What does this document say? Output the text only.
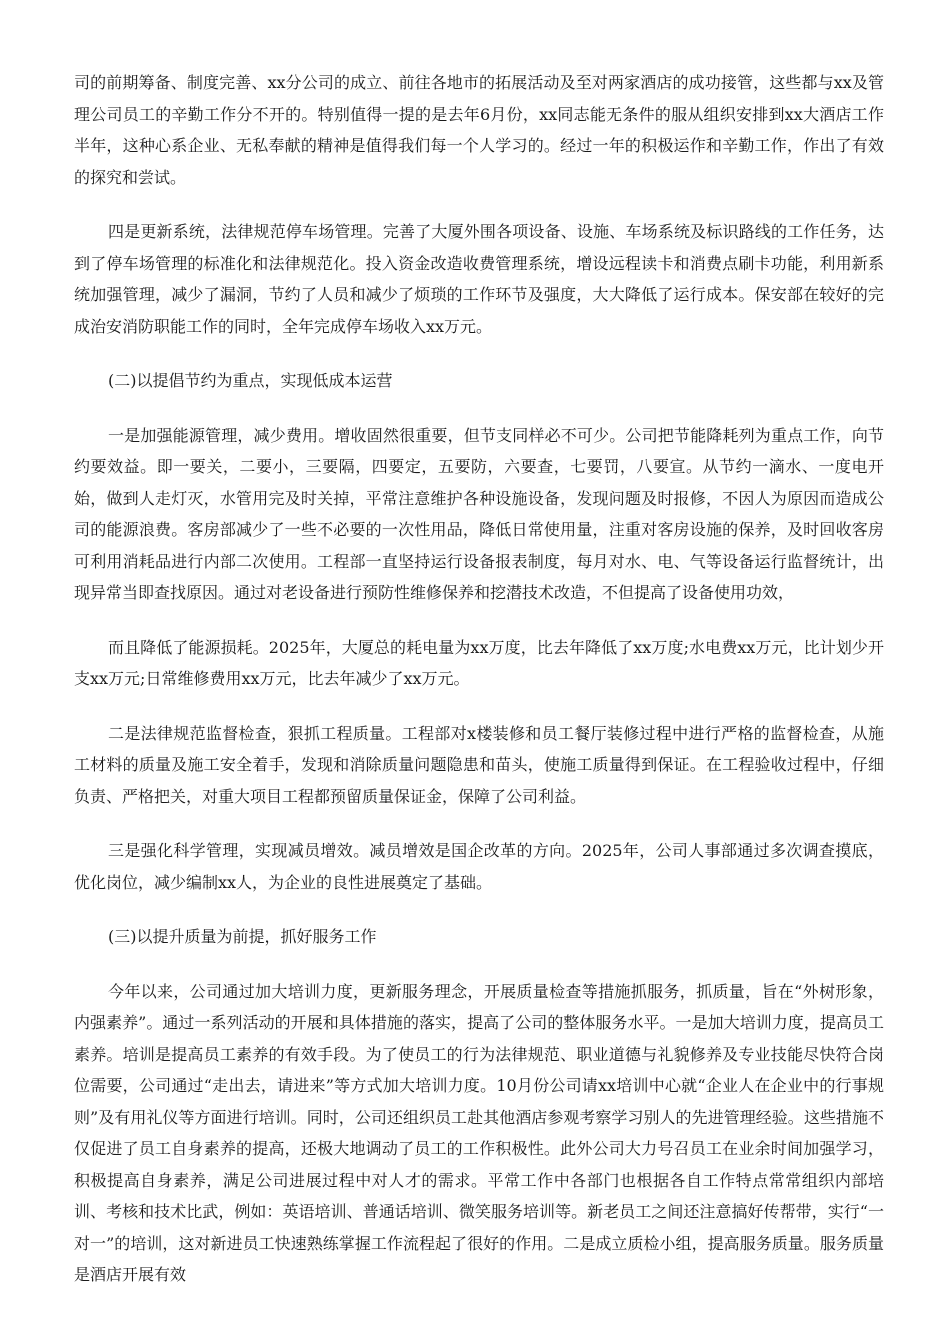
司的前期筹备、制度完善、xx分公司的成立、前往各地市的拓展活动及至对两家酒店的成功接管，这些都与xx及管理公司员工的辛勤工作分不开的。特别值得一提的是去年6月份，xx同志能无条件的服从组织安排到xx大酒店工作半年，这种心系企业、无私奉献的精神是值得我们每一个人学习的。经过一年的积极运作和辛勤工作，作出了有效的探究和尝试。

四是更新系统，法律规范停车场管理。完善了大厦外围各项设备、设施、车场系统及标识路线的工作任务，达到了停车场管理的标准化和法律规范化。投入资金改造收费管理系统，增设远程读卡和消费点刷卡功能，利用新系统加强管理，减少了漏洞，节约了人员和减少了烦琐的工作环节及强度，大大降低了运行成本。保安部在较好的完成治安消防职能工作的同时，全年完成停车场收入xx万元。

(二)以提倡节约为重点，实现低成本运营

一是加强能源管理，减少费用。增收固然很重要，但节支同样必不可少。公司把节能降耗列为重点工作，向节约要效益。即一要关，二要小，三要隔，四要定，五要防，六要查，七要罚，八要宣。从节约一滴水、一度电开始，做到人走灯灭，水管用完及时关掉，平常注意维护各种设施设备，发现问题及时报修，不因人为原因而造成公司的能源浪费。客房部减少了一些不必要的一次性用品，降低日常使用量，注重对客房设施的保养，及时回收客房可利用消耗品进行内部二次使用。工程部一直坚持运行设备报表制度，每月对水、电、气等设备运行监督统计，出现异常当即查找原因。通过对老设备进行预防性维修保养和挖潜技术改造，不但提高了设备使用功效，

而且降低了能源损耗。2025年，大厦总的耗电量为xx万度，比去年降低了xx万度;水电费xx万元，比计划少开支xx万元;日常维修费用xx万元，比去年减少了xx万元。

二是法律规范监督检查，狠抓工程质量。工程部对x楼装修和员工餐厅装修过程中进行严格的监督检查，从施工材料的质量及施工安全着手，发现和消除质量问题隐患和苗头，使施工质量得到保证。在工程验收过程中，仔细负责、严格把关，对重大项目工程都预留质量保证金，保障了公司利益。

三是强化科学管理，实现减员增效。减员增效是国企改革的方向。2025年，公司人事部通过多次调查摸底，优化岗位，减少编制xx人，为企业的良性进展奠定了基础。

(三)以提升质量为前提，抓好服务工作

今年以来，公司通过加大培训力度，更新服务理念，开展质量检查等措施抓服务，抓质量，旨在“外树形象，内强素养”。通过一系列活动的开展和具体措施的落实，提高了公司的整体服务水平。一是加大培训力度，提高员工素养。培训是提高员工素养的有效手段。为了使员工的行为法律规范、职业道德与礼貌修养及专业技能尽快符合岗位需要，公司通过“走出去，请进来”等方式加大培训力度。10月份公司请xx培训中心就“企业人在企业中的行事规则”及有用礼仪等方面进行培训。同时，公司还组织员工赴其他酒店参观考察学习别人的先进管理经验。这些措施不仅促进了员工自身素养的提高，还极大地调动了员工的工作积极性。此外公司大力号召员工在业余时间加强学习，积极提高自身素养，满足公司进展过程中对人才的需求。平常工作中各部门也根据各自工作特点常常组织内部培训、考核和技术比武，例如：英语培训、普通话培训、微笑服务培训等。新老员工之间还注意搞好传帮带，实行“一对一”的培训，这对新进员工快速熟练掌握工作流程起了很好的作用。二是成立质检小组，提高服务质量。服务质量是酒店开展有效
